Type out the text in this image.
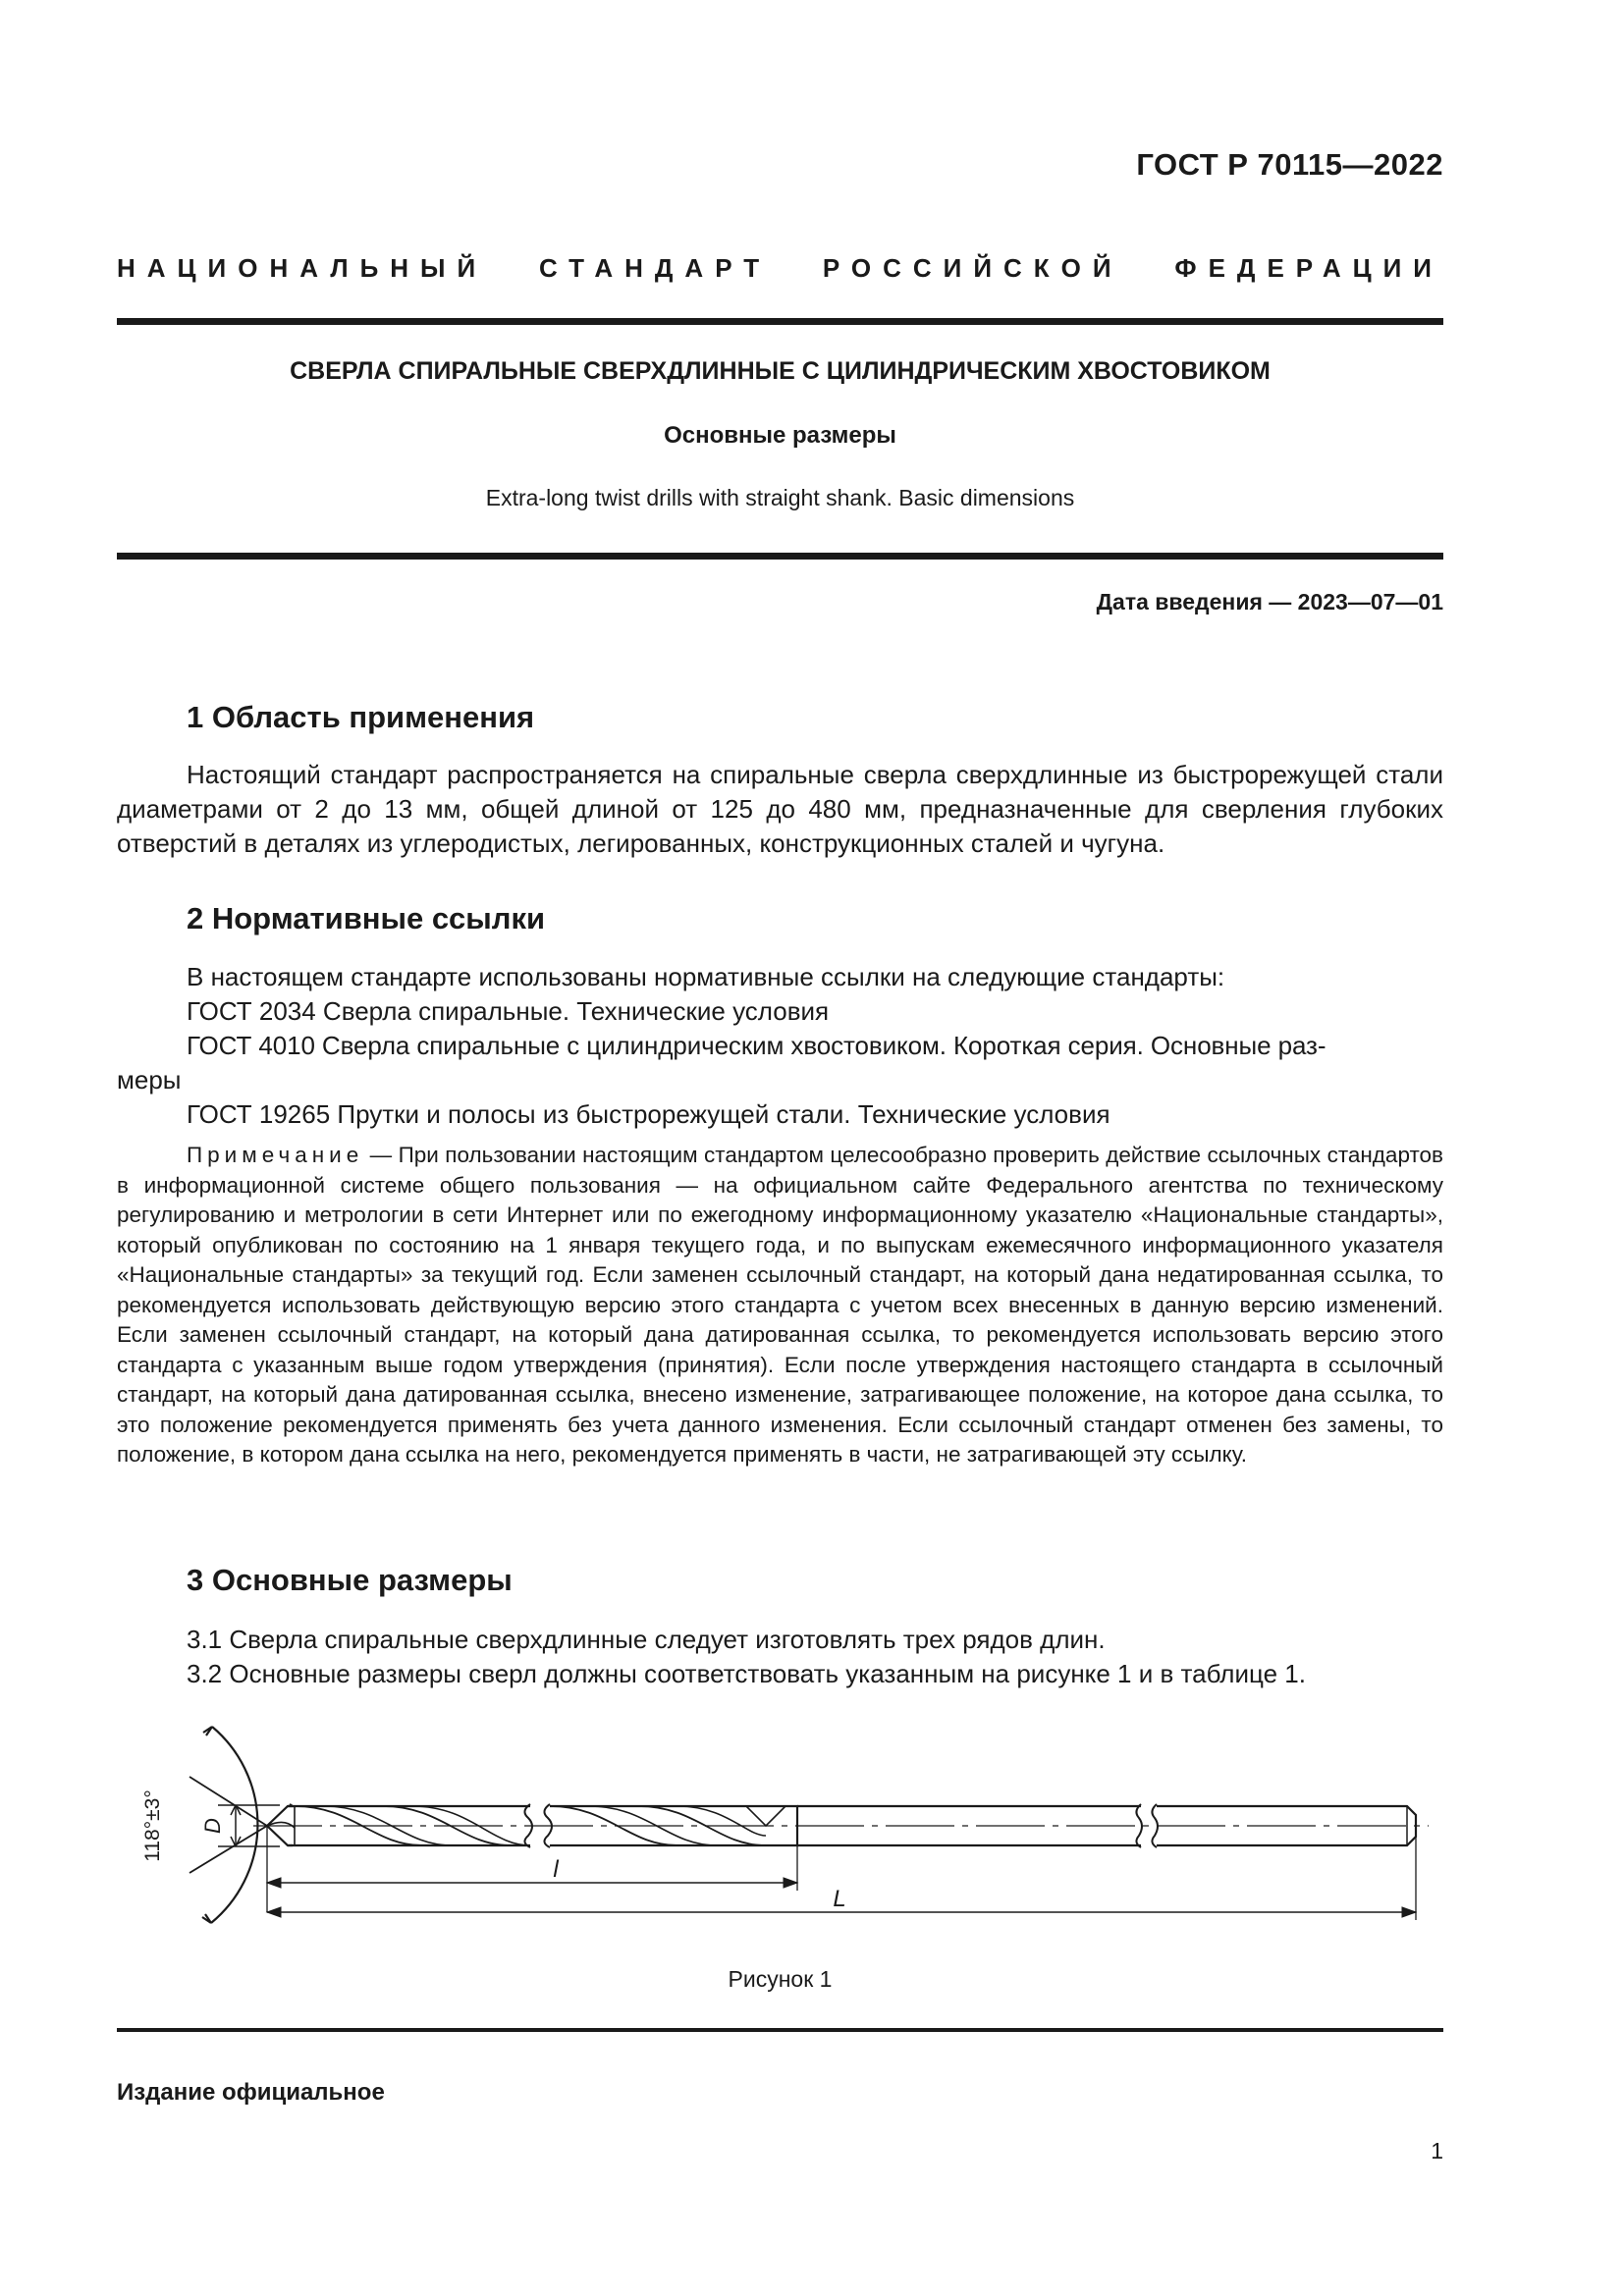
ГОСТ Р 70115—2022
НАЦИОНАЛЬНЫЙ СТАНДАРТ РОССИЙСКОЙ ФЕДЕРАЦИИ
СВЕРЛА СПИРАЛЬНЫЕ СВЕРХДЛИННЫЕ С ЦИЛИНДРИЧЕСКИМ ХВОСТОВИКОМ
Основные размеры
Extra-long twist drills with straight shank. Basic dimensions
Дата введения — 2023—07—01
1 Область применения

Настоящий стандарт распространяется на спиральные сверла сверхдлинные из быстрорежущей стали диаметрами от 2 до 13 мм, общей длиной от 125 до 480 мм, предназначенные для сверления глубоких отверстий в деталях из углеродистых, легированных, конструкционных сталей и чугуна.

2 Нормативные ссылки
В настоящем стандарте использованы нормативные ссылки на следующие стандарты:
ГОСТ 2034 Сверла спиральные. Технические условия
ГОСТ 4010 Сверла спиральные с цилиндрическим хвостовиком. Короткая серия. Основные раз-
меры
ГОСТ 19265 Прутки и полосы из быстрорежущей стали. Технические условия

Примечание — При пользовании настоящим стандартом целесообразно проверить действие ссылочных стандартов в информационной системе общего пользования — на официальном сайте Федерального агентства по техническому регулированию и метрологии в сети Интернет или по ежегодному информационному указателю «Национальные стандарты», который опубликован по состоянию на 1 января текущего года, и по выпускам ежемесячного информационного указателя «Национальные стандарты» за текущий год. Если заменен ссылочный стандарт, на который дана недатированная ссылка, то рекомендуется использовать действующую версию этого стандарта с учетом всех внесенных в данную версию изменений. Если заменен ссылочный стандарт, на который дана датированная ссылка, то рекомендуется использовать версию этого стандарта с указанным выше годом утверждения (принятия). Если после утверждения настоящего стандарта в ссылочный стандарт, на который дана датированная ссылка, внесено изменение, затрагивающее положение, на которое дана ссылка, то это положение рекомендуется применять без учета данного изменения. Если ссылочный стандарт отменен без замены, то положение, в котором дана ссылка на него, рекомендуется применять в части, не затрагивающей эту ссылку.

3 Основные размеры
3.1 Сверла спиральные сверхдлинные следует изготовлять трех рядов длин.
3.2 Основные размеры сверл должны соответствовать указанным на рисунке 1 и в таблице 1.
118°±3° D
l
L
Рисунок 1
Издание официальное
1
